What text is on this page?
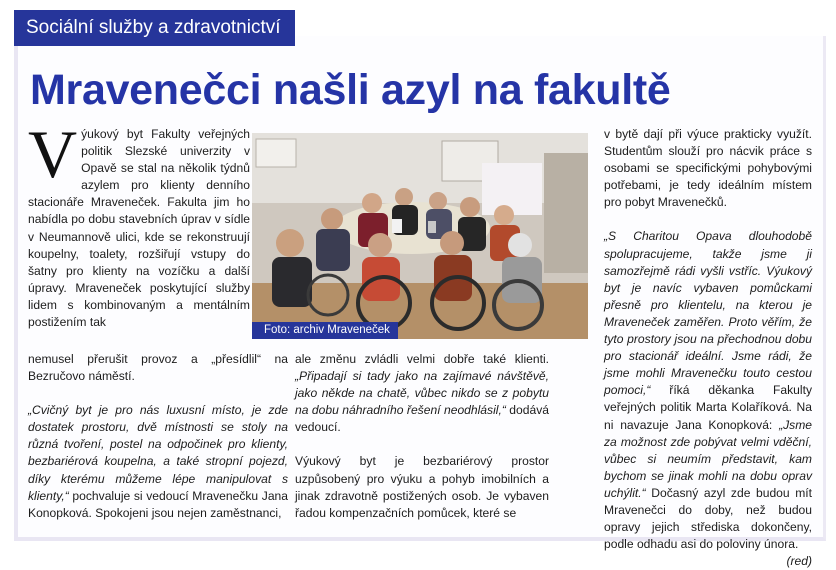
Sociální služby a zdravotnictví
Mravenečci našli azyl na fakultě

Výukový byt Fakulty veřejných politik Slezské univerzity v Opavě se stal na několik týdnů azylem pro klienty denního stacionáře Mraveneček. Fakulta jim ho nabídla po dobu stavebních úprav v sídle v Neumannově ulici, kde se rekonstruují koupelny, toalety, rozšiřují vstupy do šatny pro klienty na vozíčku a další úpravy. Mraveneček poskytující služby lidem s kombinovaným a mentálním postižením tak

Foto: archiv Mraveneček

nemusel přerušit provoz a „přesídlil“ na Bezručovo náměstí.

„Cvičný byt je pro nás luxusní místo, je zde dostatek prostoru, dvě místnosti se stoly na různá tvoření, postel na odpočinek pro klienty, bezbariérová koupelna, a také stropní pojezd, díky kterému můžeme lépe manipulovat s klienty,“ pochvaluje si vedoucí Mravenečku Jana Konopková. Spokojeni jsou nejen zaměstnanci,

ale změnu zvládli velmi dobře také klienti. „Připadají si tady jako na zajímavé návštěvě, jako někde na chatě, vůbec nikdo se z pobytu na dobu náhradního řešení neodhlásil,“ dodává vedoucí.

Výukový byt je bezbariérový prostor uzpůsobený pro výuku a pohyb imobilních a jinak zdravotně postižených osob. Je vybaven řadou kompenzačních pomůcek, které se

v bytě dají při výuce prakticky využít. Studentům slouží pro nácvik práce s osobami se specifickými pohybovými potřebami, je tedy ideálním místem pro pobyt Mravenečků.

„S Charitou Opava dlouhodobě spolupracujeme, takže jsme ji samozřejmě rádi vyšli vstříc. Výukový byt je navíc vybaven pomůckami přesně pro klientelu, na kterou je Mraveneček zaměřen. Proto věřím, že tyto prostory jsou na přechodnou dobu pro stacionář ideální. Jsme rádi, že jsme mohli Mravenečku touto cestou pomoci,“ říká děkanka Fakulty veřejných politik Marta Kolaříková. Na ni navazuje Jana Konopková: „Jsme za možnost zde pobývat velmi vděční, vůbec si neumím představit, kam bychom se jinak mohli na dobu oprav uchýlit.“ Dočasný azyl zde budou mít Mravenečci do doby, než budou opravy jejich střediska dokončeny, podle odhadu asi do poloviny února.
(red)
